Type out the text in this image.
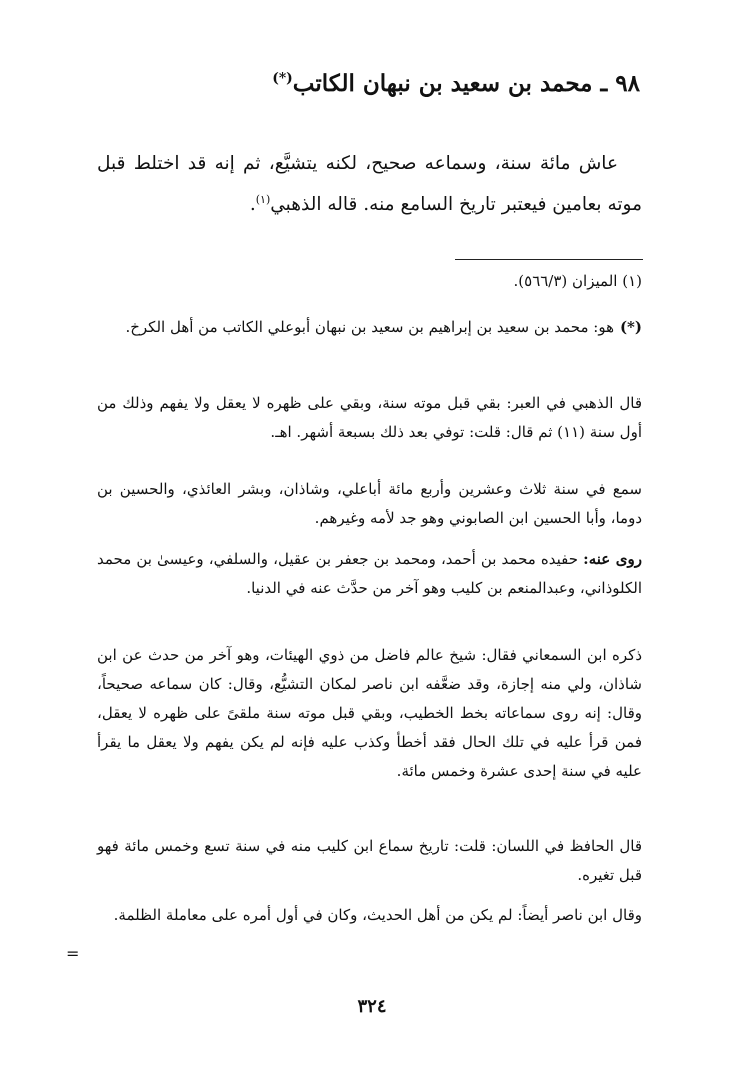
٩٨ ـ محمد بن سعيد بن نبهان الكاتب(*)
عاش مائة سنة، وسماعه صحيح، لكنه يتشيَّع، ثم إنه قد اختلط قبل موته بعامين فيعتبر تاريخ السامع منه. قاله الذهبي$^{(١)}$.
(١) الميزان (٥٦٦/٣).
(*)
هو: محمد بن سعيد بن إبراهيم بن سعيد بن نبهان أبوعلي الكاتب من أهل الكرخ.
قال الذهبي في العبر: بقي قبل موته سنة، وبقي على ظهره لا يعقل ولا يفهم وذلك من أول سنة (١١) ثم قال: قلت: توفي بعد ذلك بسبعة أشهر. اهـ.
سمع في سنة ثلاث وعشرين وأربع مائة أباعلي، وشاذان، وبشر العائذي، والحسين بن دوما، وأبا الحسين ابن الصابوني وهو جد لأمه وغيرهم.
روى عنه: حفيده محمد بن أحمد، ومحمد بن جعفر بن عقيل، والسلفي، وعيسىٰ بن محمد الكلوذاني، وعبدالمنعم بن كليب وهو آخر من حدَّث عنه في الدنيا.
ذكره ابن السمعاني فقال: شيخ عالم فاضل من ذوي الهيئات، وهو آخر من حدث عن ابن شاذان، ولي منه إجازة، وقد ضعَّفه ابن ناصر لمكان التشيُّع، وقال: كان سماعه صحيحاً، وقال: إنه روى سماعاته بخط الخطيب، وبقي قبل موته سنة ملقىً على ظهره لا يعقل، فمن قرأ عليه في تلك الحال فقد أخطأ وكذب عليه فإنه لم يكن يفهم ولا يعقل ما يقرأ عليه في سنة إحدى عشرة وخمس مائة.
قال الحافظ في اللسان: قلت: تاريخ سماع ابن كليب منه في سنة تسع وخمس مائة فهو قبل تغيره.
وقال ابن ناصر أيضاً: لم يكن من أهل الحديث، وكان في أول أمره على معاملة الظلمة.
=
٣٢٤
